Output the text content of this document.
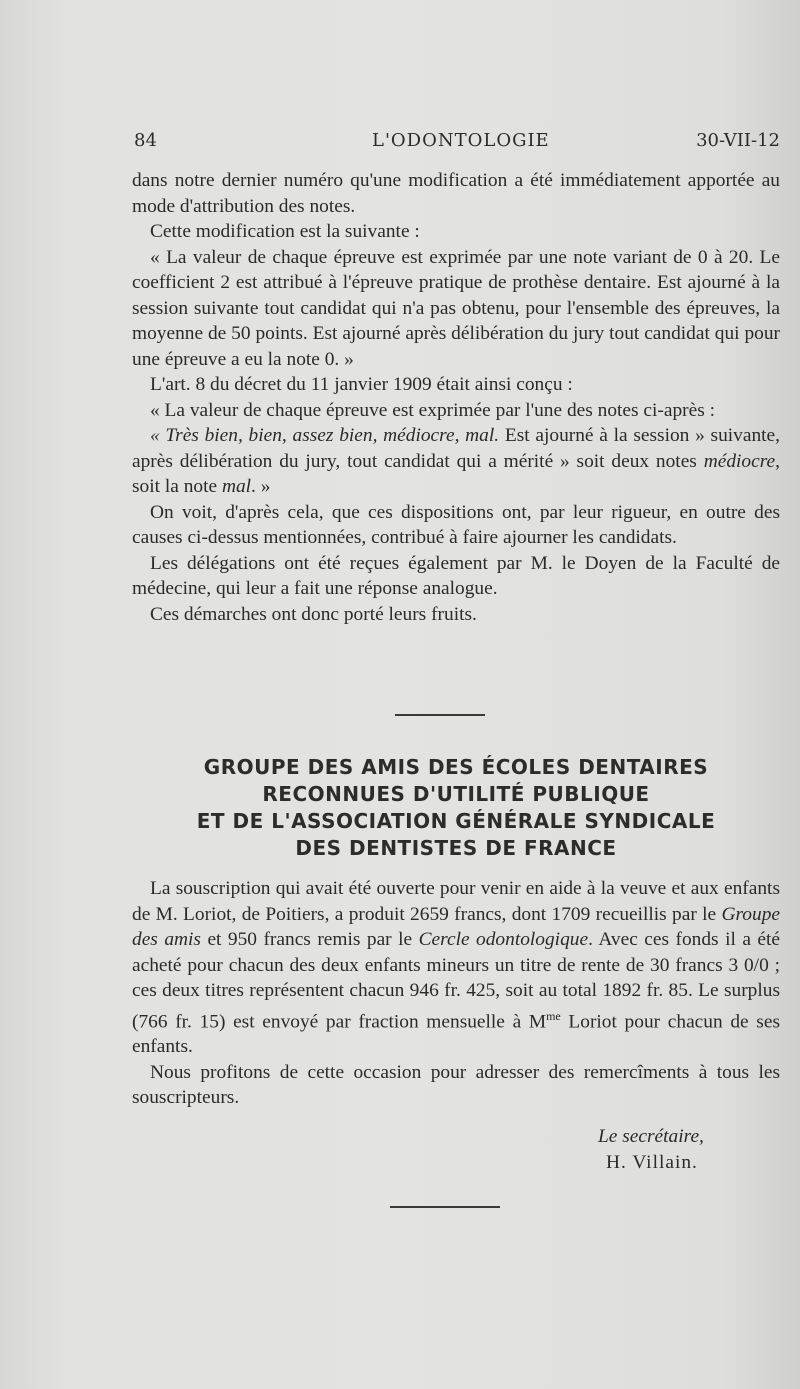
84	L'ODONTOLOGIE	30-VII-12

dans notre dernier numéro qu'une modification a été immédiatement apportée au mode d'attribution des notes.

Cette modification est la suivante :

« La valeur de chaque épreuve est exprimée par une note variant de 0 à 20. Le coefficient 2 est attribué à l'épreuve pratique de prothèse dentaire. Est ajourné à la session suivante tout candidat qui n'a pas obtenu, pour l'ensemble des épreuves, la moyenne de 50 points. Est ajourné après délibération du jury tout candidat qui pour une épreuve a eu la note 0. »

L'art. 8 du décret du 11 janvier 1909 était ainsi conçu :

« La valeur de chaque épreuve est exprimée par l'une des notes ci-après :

« Très bien, bien, assez bien, médiocre, mal. Est ajourné à la session » suivante, après délibération du jury, tout candidat qui a mérité » soit deux notes médiocre, soit la note mal. »

On voit, d'après cela, que ces dispositions ont, par leur rigueur, en outre des causes ci-dessus mentionnées, contribué à faire ajourner les candidats.

Les délégations ont été reçues également par M. le Doyen de la Faculté de médecine, qui leur a fait une réponse analogue.

Ces démarches ont donc porté leurs fruits.

GROUPE DES AMIS DES ÉCOLES DENTAIRES
RECONNUES D'UTILITÉ PUBLIQUE
ET DE L'ASSOCIATION GÉNÉRALE SYNDICALE
DES DENTISTES DE FRANCE

La souscription qui avait été ouverte pour venir en aide à la veuve et aux enfants de M. Loriot, de Poitiers, a produit 2659 francs, dont 1709 recueillis par le Groupe des amis et 950 francs remis par le Cercle odontologique. Avec ces fonds il a été acheté pour chacun des deux enfants mineurs un titre de rente de 30 francs 3 0/0 ; ces deux titres représentent chacun 946 fr. 425, soit au total 1892 fr. 85. Le surplus (766 fr. 15) est envoyé par fraction mensuelle à $M^{me}$ Loriot pour chacun de ses enfants.

Nous profitons de cette occasion pour adresser des remercîments à tous les souscripteurs.

Le secrétaire,
H. Villain.
